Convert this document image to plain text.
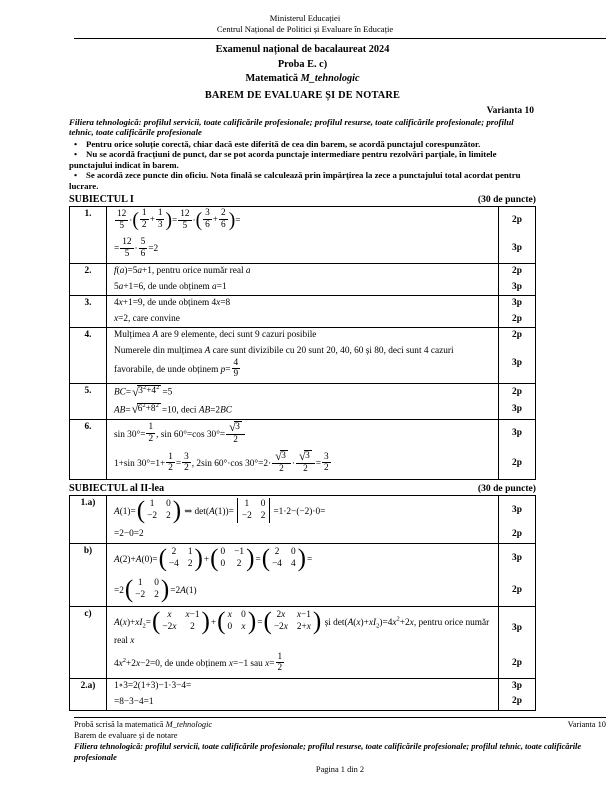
Ministerul Educației
Centrul Național de Politici și Evaluare în Educație
Examenul național de bacalaureat 2024
Proba E. c)
Matematică M_tehnologic
BAREM DE EVALUARE ȘI DE NOTARE
Varianta 10

Filiera tehnologică: profilul servicii, toate calificările profesionale; profilul resurse, toate calificările profesionale; profilul tehnic, toate calificările profesionale

• Pentru orice soluție corectă, chiar dacă este diferită de cea din barem, se acordă punctajul corespunzător.
• Nu se acordă fracțiuni de punct, dar se pot acorda punctaje intermediare pentru rezolvări parțiale, în limitele punctajului indicat în barem.
• Se acordă zece puncte din oficiu. Nota finală se calculează prin împărțirea la zece a punctajului total acordat pentru lucrare.
SUBIECTUL I	(30 de puncte)
1.	$\frac{12}{5}$ · ( $\frac{1}{2} + \frac{1}{3}$ ) = $\frac{12}{5}$ · ( $\frac{3}{6} + \frac{2}{6}$ ) =	2p
= $\frac{12}{5} \cdot \frac{5}{6} =2$	3p
2.	f(a)=5a+1, pentru orice număr real a	2p
5a+1=6, de unde obținem a=1	3p
3.	4x+1=9, de unde obținem 4x=8	3p
x=2, care convine	2p
4.	Mulțimea A are 9 elemente, deci sunt 9 cazuri posibile	2p
Numerele din mulțimea A care sunt divizibile cu 20 sunt 20, 40, 60 și 80, deci sunt 4 cazuri favorabile, de unde obținem $p= \frac{4}{9}$	3p
5.	BC= √ $3^2+4^2$
=5	2p
AB= √ $6^2+8^2$
=10, deci AB=2BC	3p
6.
$\sin 30^\circ= \frac{1}{2}$ , sin 60°=cos $30^\circ= \frac{√ 3}{2}$	3p
1+sin $30^\circ=1+ \frac{1}{2} = \frac{3}{2}$ , 2sin 60°·cos $30^\circ=2\cdot \frac{√ 3}{2} \cdot \frac{√ 3}{2} = \frac{3}{2}$	2p
SUBIECTUL al II-lea	(30 de puncte)
1.a)
A(1)= ( 1 0
−2 2 ) ⇒ det(A(1))=
1 0
−2 2 =1·2−(−2)·0=	3p
=2−0=2	2p
b)
A(2)+A(0)= ( 2 1
−4 2 ) + ( 0 −1
0 2 ) = ( 2 0
−4 4 ) =	3p
=2 ( 1 0
−2 2 ) =2A(1)	2p
c)
$A(x)+xI_2=$ ( x x−1
−2x 2 ) + ( x 0
0 x ) = ( 2x x−1
−2x 2+x ) și $\det(A(x)+xI_2)=4x^2+2x$, pentru orice număr real x
3p
$4x^2+2x-2=0$, de unde obținem x=−1 sau $x= \frac{1}{2}$	2p
2.a)	1∘3=2(1+3)−1·3−4=	3p
=8−3−4=1	2p
Probă scrisă la matematică M_tehnologic	Varianta 10
Barem de evaluare și de notare
Filiera tehnologică: profilul servicii, toate calificările profesionale; profilul resurse, toate calificările profesionale; profilul tehnic, toate calificările profesionale
Pagina 1 din 2
